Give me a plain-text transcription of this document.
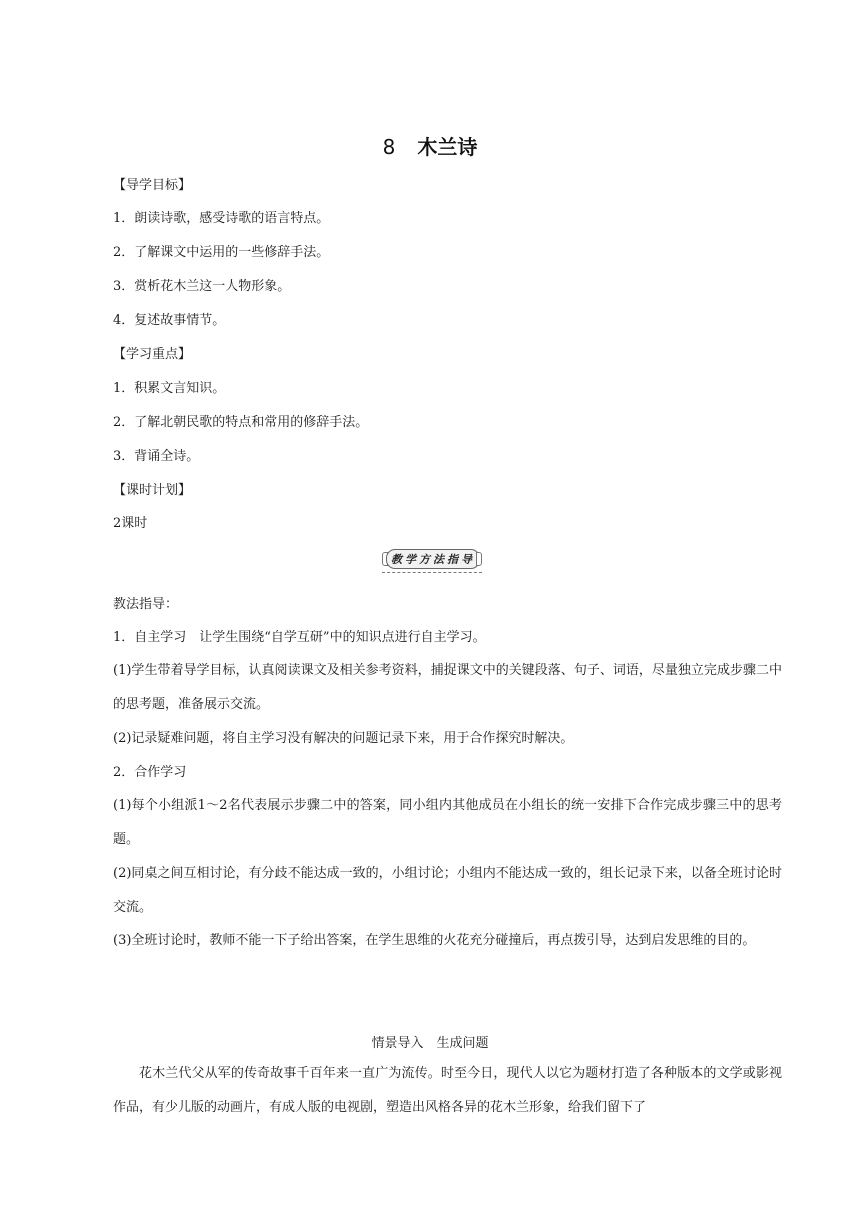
8 木兰诗
【导学目标】
1．朗读诗歌，感受诗歌的语言特点。
2．了解课文中运用的一些修辞手法。
3．赏析花木兰这一人物形象。
4．复述故事情节。
【学习重点】
1．积累文言知识。
2．了解北朝民歌的特点和常用的修辞手法。
3．背诵全诗。
【课时计划】
2课时
教学方法指导
教法指导：
1．自主学习　让学生围绕“自学互研”中的知识点进行自主学习。
(1)学生带着导学目标，认真阅读课文及相关参考资料，捕捉课文中的关键段落、句子、词语，尽量独立完成步骤二中的思考题，准备展示交流。
(2)记录疑难问题，将自主学习没有解决的问题记录下来，用于合作探究时解决。
2．合作学习
(1)每个小组派1～2名代表展示步骤二中的答案，同小组内其他成员在小组长的统一安排下合作完成步骤三中的思考题。
(2)同桌之间互相讨论，有分歧不能达成一致的，小组讨论；小组内不能达成一致的，组长记录下来，以备全班讨论时交流。
(3)全班讨论时，教师不能一下子给出答案，在学生思维的火花充分碰撞后，再点拨引导，达到启发思维的目的。
情景导入　生成问题
花木兰代父从军的传奇故事千百年来一直广为流传。时至今日，现代人以它为题材打造了各种版本的文学或影视作品，有少儿版的动画片，有成人版的电视剧，塑造出风格各异的花木兰形象，给我们留下了
